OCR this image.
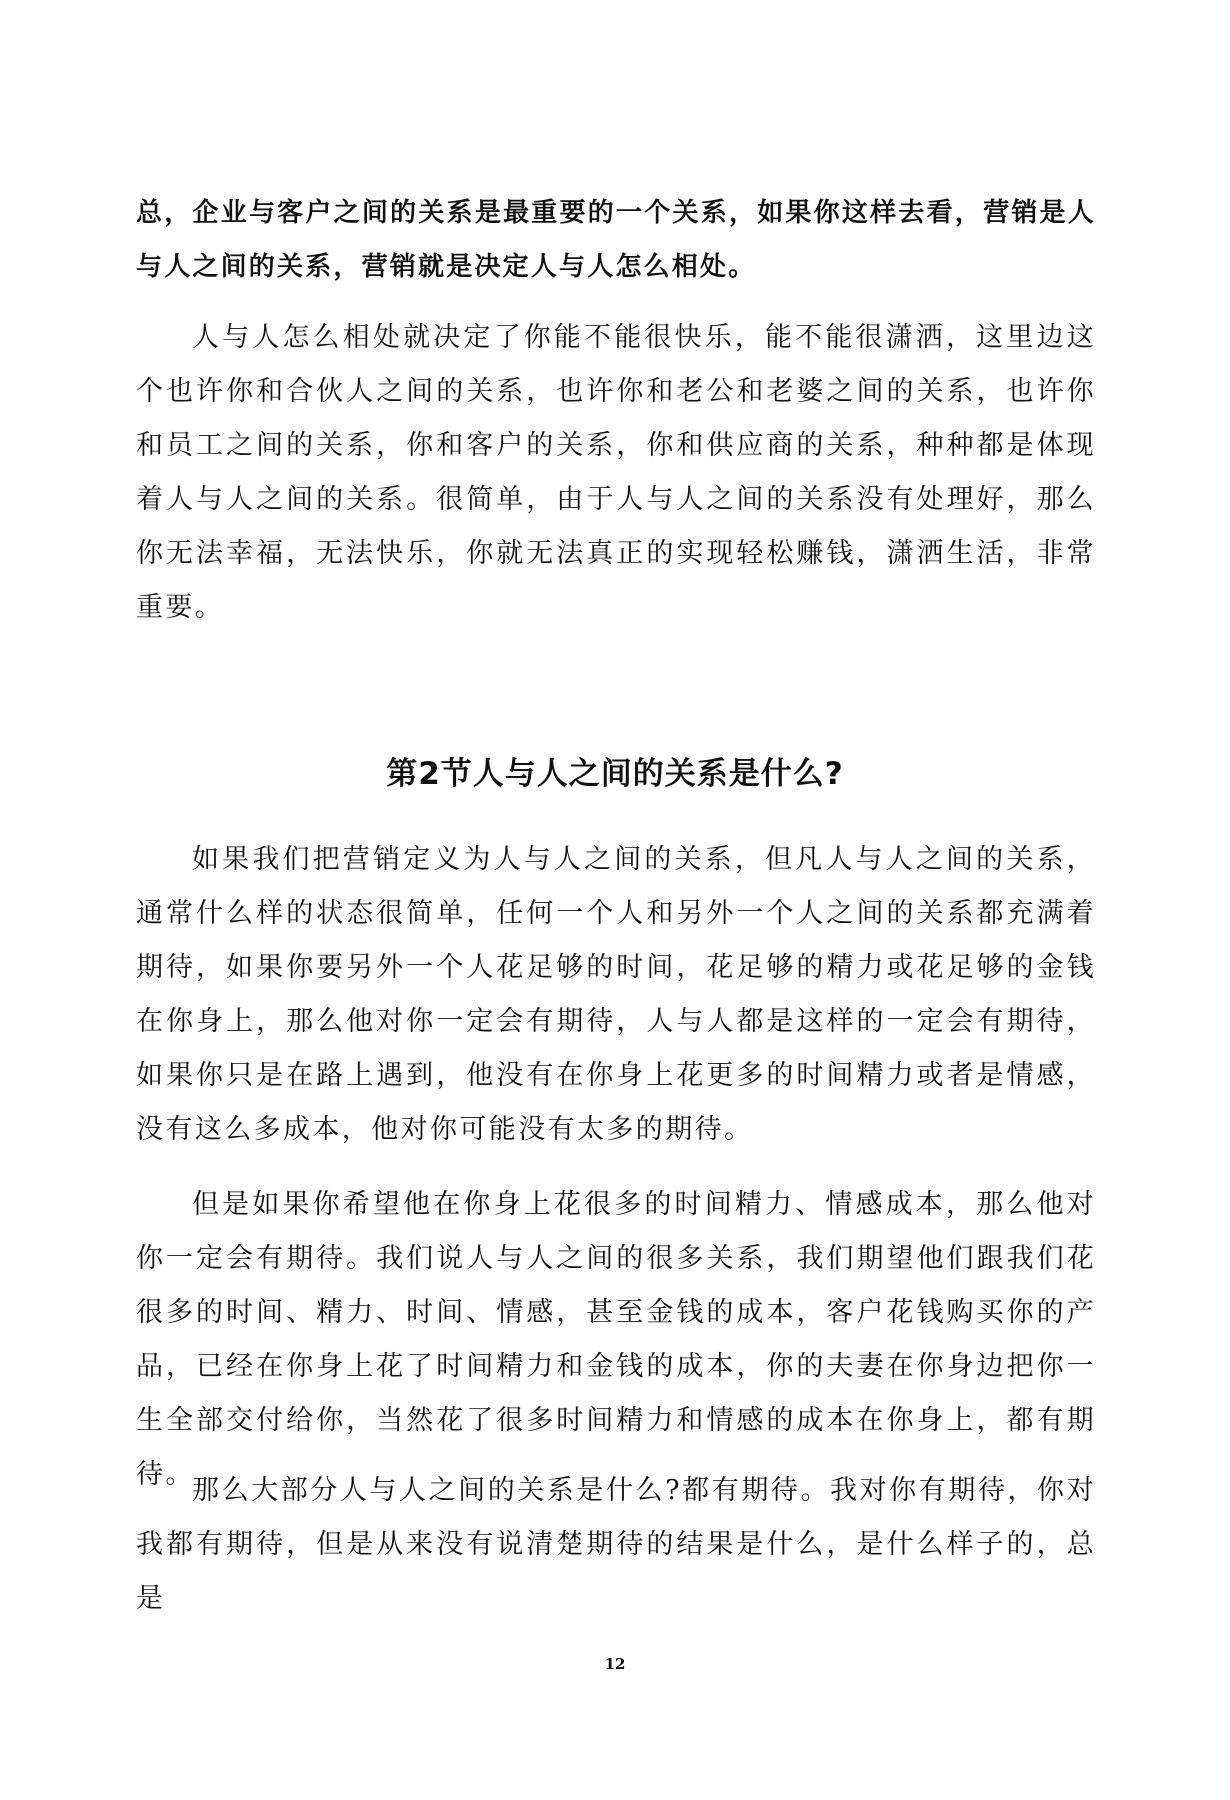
总，企业与客户之间的关系是最重要的一个关系，如果你这样去看，营销是人与人之间的关系，营销就是决定人与人怎么相处。

人与人怎么相处就决定了你能不能很快乐，能不能很潇洒，这里边这个也许你和合伙人之间的关系，也许你和老公和老婆之间的关系，也许你和员工之间的关系，你和客户的关系，你和供应商的关系，种种都是体现着人与人之间的关系。很简单，由于人与人之间的关系没有处理好，那么你无法幸福，无法快乐，你就无法真正的实现轻松赚钱，潇洒生活，非常重要。

第2节人与人之间的关系是什么?

如果我们把营销定义为人与人之间的关系，但凡人与人之间的关系，通常什么样的状态很简单，任何一个人和另外一个人之间的关系都充满着期待，如果你要另外一个人花足够的时间，花足够的精力或花足够的金钱在你身上，那么他对你一定会有期待，人与人都是这样的一定会有期待，如果你只是在路上遇到，他没有在你身上花更多的时间精力或者是情感，没有这么多成本，他对你可能没有太多的期待。

但是如果你希望他在你身上花很多的时间精力、情感成本，那么他对你一定会有期待。我们说人与人之间的很多关系，我们期望他们跟我们花很多的时间、精力、时间、情感，甚至金钱的成本，客户花钱购买你的产品，已经在你身上花了时间精力和金钱的成本，你的夫妻在你身边把你一生全部交付给你，当然花了很多时间精力和情感的成本在你身上，都有期待。

那么大部分人与人之间的关系是什么?都有期待。我对你有期待，你对我都有期待，但是从来没有说清楚期待的结果是什么，是什么样子的，总是

12
